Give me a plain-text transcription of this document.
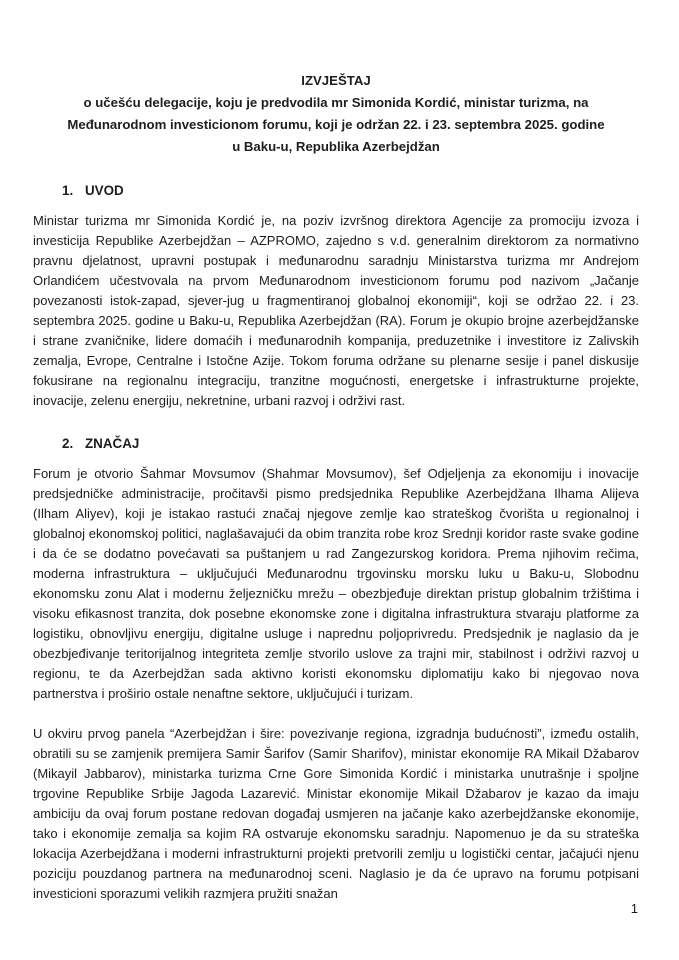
IZVJEŠTAJ
o učešću delegacije, koju je predvodila mr Simonida Kordić, ministar turizma, na
Međunarodnom investicionom forumu, koji je održan 22. i 23. septembra 2025. godine
u Baku-u, Republika Azerbejdžan
1. UVOD

Ministar turizma mr Simonida Kordić je, na poziv izvršnog direktora Agencije za promociju izvoza i investicija Republike Azerbejdžan – AZPROMO, zajedno s v.d. generalnim direktorom za normativno pravnu djelatnost, upravni postupak i međunarodnu saradnju Ministarstva turizma mr Andrejom Orlandićem učestvovala na prvom Međunarodnom investicionom forumu pod nazivom „Jačanje povezanosti istok-zapad, sjever-jug u fragmentiranoj globalnoj ekonomiji“, koji se održao 22. i 23. septembra 2025. godine u Baku-u, Republika Azerbejdžan (RA). Forum je okupio brojne azerbejdžanske i strane zvaničnike, lidere domaćih i međunarodnih kompanija, preduzetnike i investitore iz Zalivskih zemalja, Evrope, Centralne i Istočne Azije. Tokom foruma održane su plenarne sesije i panel diskusije fokusirane na regionalnu integraciju, tranzitne mogućnosti, energetske i infrastrukturne projekte, inovacije, zelenu energiju, nekretnine, urbani razvoj i održivi rast.

2. ZNAČAJ

Forum je otvorio Šahmar Movsumov (Shahmar Movsumov), šef Odjeljenja za ekonomiju i inovacije predsjedničke administracije, pročitavši pismo predsjednika Republike Azerbejdžana Ilhama Alijeva (Ilham Aliyev), koji je istakao rastući značaj njegove zemlje kao strateškog čvorišta u regionalnoj i globalnoj ekonomskoj politici, naglašavajući da obim tranzita robe kroz Srednji koridor raste svake godine i da će se dodatno povećavati sa puštanjem u rad Zangezurskog koridora. Prema njihovim rečima, moderna infrastruktura – uključujući Međunarodnu trgovinsku morsku luku u Baku-u, Slobodnu ekonomsku zonu Alat i modernu željezničku mrežu – obezbjeđuje direktan pristup globalnim tržištima i visoku efikasnost tranzita, dok posebne ekonomske zone i digitalna infrastruktura stvaraju platforme za logistiku, obnovljivu energiju, digitalne usluge i naprednu poljoprivredu. Predsjednik je naglasio da je obezbjeđivanje teritorijalnog integriteta zemlje stvorilo uslove za trajni mir, stabilnost i održivi razvoj u regionu, te da Azerbejdžan sada aktivno koristi ekonomsku diplomatiju kako bi njegovao nova partnerstva i proširio ostale nenaftne sektore, uključujući i turizam.

U okviru prvog panela “Azerbejdžan i šire: povezivanje regiona, izgradnja budućnosti”, između ostalih, obratili su se zamjenik premijera Samir Šarifov (Samir Sharifov), ministar ekonomije RA Mikail Džabarov (Mikayil Jabbarov), ministarka turizma Crne Gore Simonida Kordić i ministarka unutrašnje i spoljne trgovine Republike Srbije Jagoda Lazarević. Ministar ekonomije Mikail Džabarov je kazao da imaju ambiciju da ovaj forum postane redovan događaj usmjeren na jačanje kako azerbejdžanske ekonomije, tako i ekonomije zemalja sa kojim RA ostvaruje ekonomsku saradnju. Napomenuo je da su strateška lokacija Azerbejdžana i moderni infrastrukturni projekti pretvorili zemlju u logistički centar, jačajući njenu poziciju pouzdanog partnera na međunarodnoj sceni. Naglasio je da će upravo na forumu potpisani investicioni sporazumi velikih razmjera pružiti snažan

1
